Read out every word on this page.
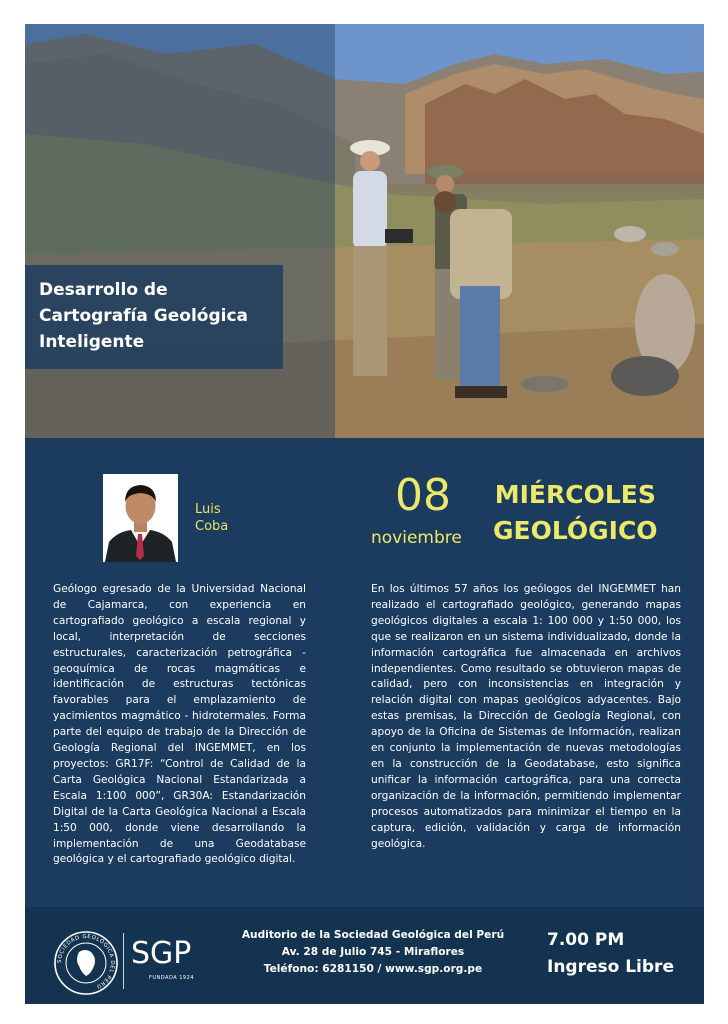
Desarrollo de
Cartografía Geológica
Inteligente
Luis
Coba
08
noviembre
MIÉRCOLES
GEOLÓGICO
Geólogo egresado de la Universidad Nacional de Cajamarca, con experiencia en cartografiado geológico a escala regional y local, interpretación de secciones estructurales, caracterización petrográfica - geoquímica de rocas magmáticas e identificación de estructuras tectónicas favorables para el emplazamiento de yacimientos magmático - hidrotermales. Forma parte del equipo de trabajo de la Dirección de Geología Regional del INGEMMET, en los proyectos: GR17F: “Control de Calidad de la Carta Geológica Nacional Estandarizada a Escala 1:100 000”, GR30A: Estandarización Digital de la Carta Geológica Nacional a Escala 1:50 000, donde viene desarrollando la implementación de una Geodatabase geológica y el cartografiado geológico digital.
En los últimos 57 años los geólogos del INGEMMET han realizado el cartografiado geológico, generando mapas geológicos digitales a escala 1: 100 000 y 1:50 000, los que se realizaron en un sistema individualizado, donde la información cartográfica fue almacenada en archivos independientes. Como resultado se obtuvieron mapas de calidad, pero con inconsistencias en integración y relación digital con mapas geológicos adyacentes. Bajo estas premisas, la Dirección de Geología Regional, con apoyo de la Oficina de Sistemas de Información, realizan en conjunto la implementación de nuevas metodologías en la construcción de la Geodatabase, esto significa unificar la información cartográfica, para una correcta organización de la información, permitiendo implementar procesos automatizados para minimizar el tiempo en la captura, edición, validación y carga de información geológica.
SOCIEDAD GEOLÓGICA DEL PERÚ
SGP
FUNDADA 1924
Auditorio de la Sociedad Geológica del Perú
Av. 28 de Julio 745 - Miraflores
Teléfono: 6281150 / www.sgp.org.pe
7.00 PM
Ingreso Libre
